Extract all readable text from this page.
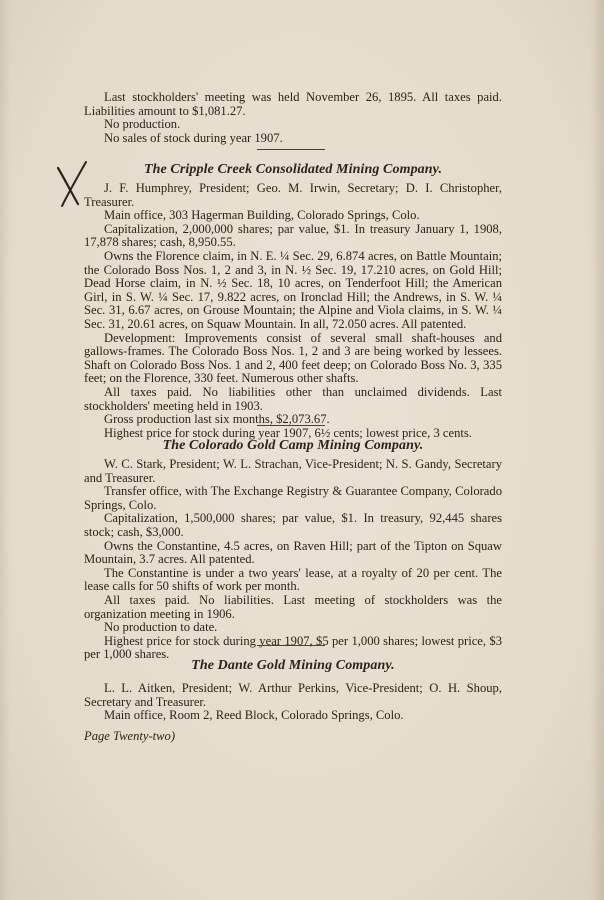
Last stockholders' meeting was held November 26, 1895. All taxes paid. Liabilities amount to $1,081.27.

No production.

No sales of stock during year 1907.

The Cripple Creek Consolidated Mining Company.

J. F. Humphrey, President; Geo. M. Irwin, Secretary; D. I. Christopher, Treasurer.

Main office, 303 Hagerman Building, Colorado Springs, Colo.

Capitalization, 2,000,000 shares; par value, $1. In treasury January 1, 1908, 17,878 shares; cash, 8,950.55.

Owns the Florence claim, in N. E. ¼ Sec. 29, 6.874 acres, on Battle Mountain; the Colorado Boss Nos. 1, 2 and 3, in N. ½ Sec. 19, 17.210 acres, on Gold Hill; Dead Horse claim, in N. ½ Sec. 18, 10 acres, on Tenderfoot Hill; the American Girl, in S. W. ¼ Sec. 17, 9.822 acres, on Ironclad Hill; the Andrews, in S. W. ¼ Sec. 31, 6.67 acres, on Grouse Mountain; the Alpine and Viola claims, in S. W. ¼ Sec. 31, 20.61 acres, on Squaw Mountain. In all, 72.050 acres. All patented.

Development: Improvements consist of several small shaft-houses and gallows-frames. The Colorado Boss Nos. 1, 2 and 3 are being worked by lessees. Shaft on Colorado Boss Nos. 1 and 2, 400 feet deep; on Colorado Boss No. 3, 335 feet; on the Florence, 330 feet. Numerous other shafts.

All taxes paid. No liabilities other than unclaimed dividends. Last stockholders' meeting held in 1903.

Gross production last six months, $2,073.67.

Highest price for stock during year 1907, 6½ cents; lowest price, 3 cents.

The Colorado Gold Camp Mining Company.

W. C. Stark, President; W. L. Strachan, Vice-President; N. S. Gandy, Secretary and Treasurer.

Transfer office, with The Exchange Registry & Guarantee Company, Colorado Springs, Colo.

Capitalization, 1,500,000 shares; par value, $1. In treasury, 92,445 shares stock; cash, $3,000.

Owns the Constantine, 4.5 acres, on Raven Hill; part of the Tipton on Squaw Mountain, 3.7 acres. All patented.

The Constantine is under a two years' lease, at a royalty of 20 per cent. The lease calls for 50 shifts of work per month.

All taxes paid. No liabilities. Last meeting of stockholders was the organization meeting in 1906.

No production to date.

Highest price for stock during year 1907, $5 per 1,000 shares; lowest price, $3 per 1,000 shares.

The Dante Gold Mining Company.

L. L. Aitken, President; W. Arthur Perkins, Vice-President; O. H. Shoup, Secretary and Treasurer.

Main office, Room 2, Reed Block, Colorado Springs, Colo.

Page Twenty-two)
